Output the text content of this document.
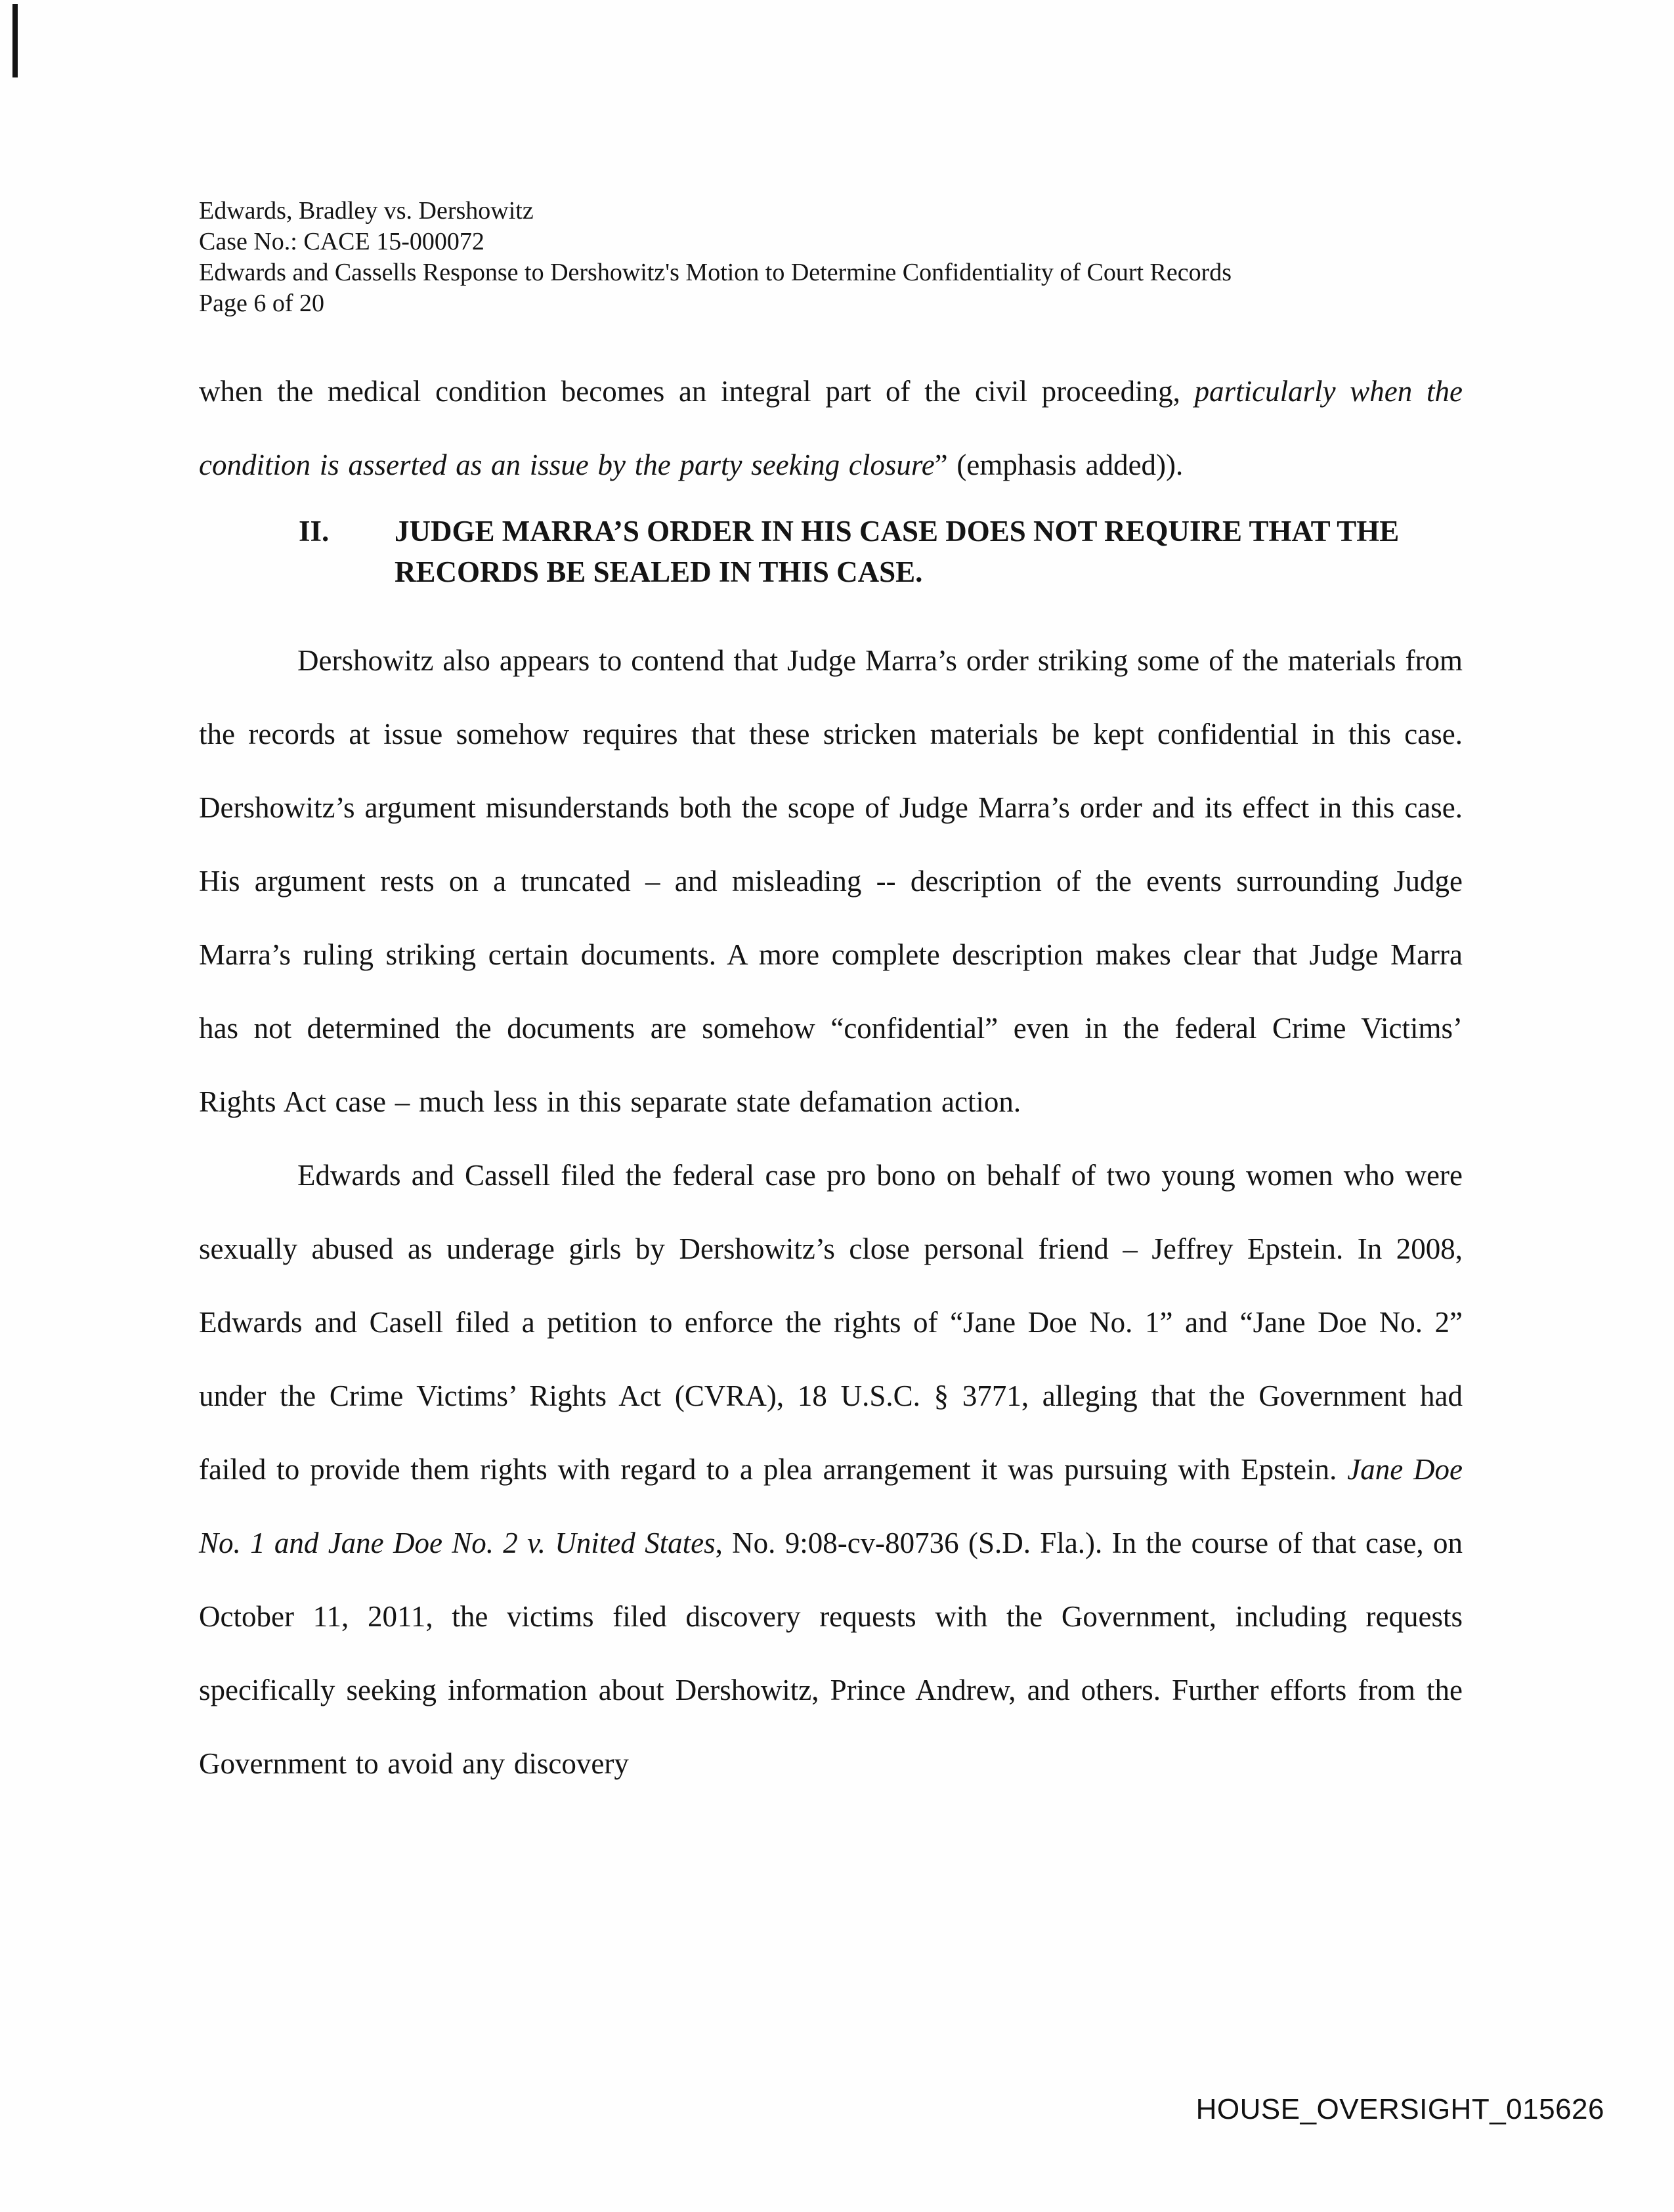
Edwards, Bradley vs. Dershowitz
Case No.: CACE 15-000072
Edwards and Cassells Response to Dershowitz's Motion to Determine Confidentiality of Court Records
Page 6 of 20

when the medical condition becomes an integral part of the civil proceeding, particularly when the condition is asserted as an issue by the party seeking closure” (emphasis added)).

II.	JUDGE MARRA’S ORDER IN HIS CASE DOES NOT REQUIRE THAT THE RECORDS BE SEALED IN THIS CASE.

Dershowitz also appears to contend that Judge Marra’s order striking some of the materials from the records at issue somehow requires that these stricken materials be kept confidential in this case. Dershowitz’s argument misunderstands both the scope of Judge Marra’s order and its effect in this case. His argument rests on a truncated – and misleading -- description of the events surrounding Judge Marra’s ruling striking certain documents. A more complete description makes clear that Judge Marra has not determined the documents are somehow “confidential” even in the federal Crime Victims’ Rights Act case – much less in this separate state defamation action.

Edwards and Cassell filed the federal case pro bono on behalf of two young women who were sexually abused as underage girls by Dershowitz’s close personal friend – Jeffrey Epstein. In 2008, Edwards and Casell filed a petition to enforce the rights of “Jane Doe No. 1” and “Jane Doe No. 2” under the Crime Victims’ Rights Act (CVRA), 18 U.S.C. § 3771, alleging that the Government had failed to provide them rights with regard to a plea arrangement it was pursuing with Epstein. Jane Doe No. 1 and Jane Doe No. 2 v. United States, No. 9:08-cv-80736 (S.D. Fla.). In the course of that case, on October 11, 2011, the victims filed discovery requests with the Government, including requests specifically seeking information about Dershowitz, Prince Andrew, and others. Further efforts from the Government to avoid any discovery

HOUSE_OVERSIGHT_015626
